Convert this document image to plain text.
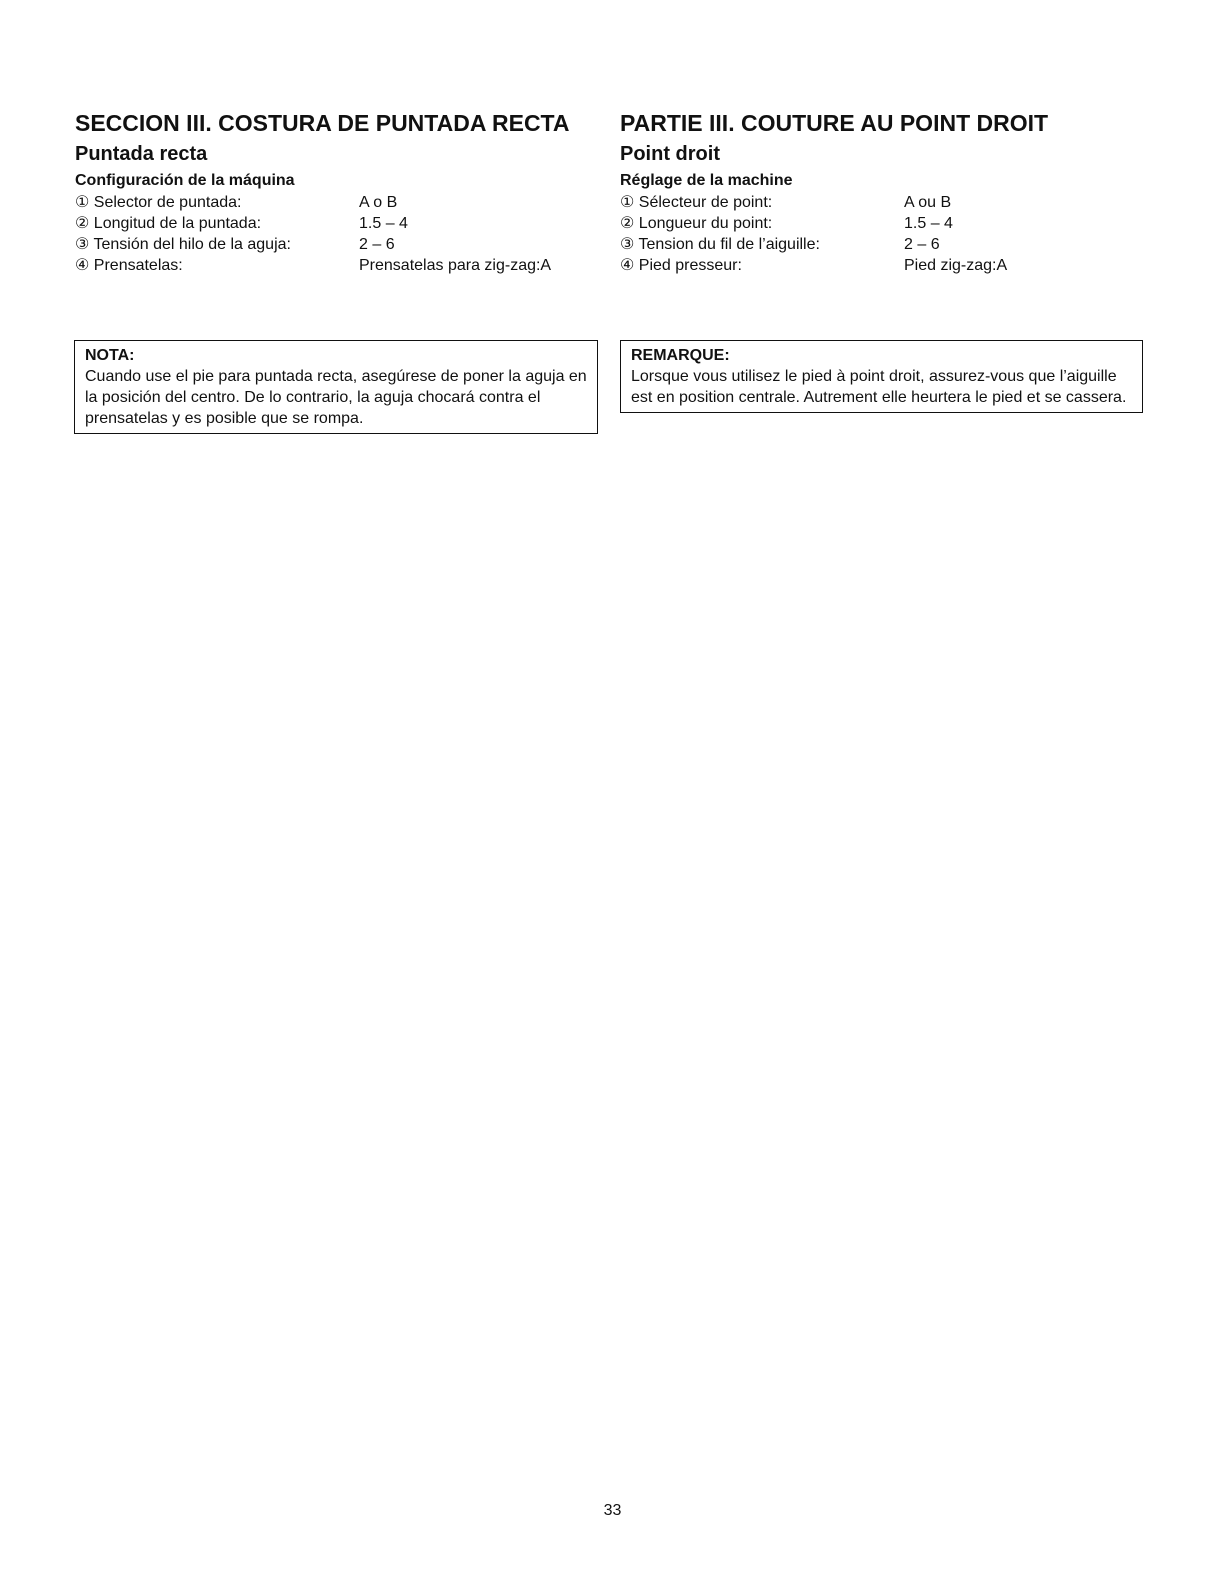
SECCION III. COSTURA DE PUNTADA RECTA
Puntada recta
Configuración de la máquina
① Selector de puntada:	A o B
② Longitud de la puntada:	1.5 – 4
③ Tensión del hilo de la aguja:	2 – 6
④ Prensatelas:	Prensatelas para zig-zag:A
PARTIE III. COUTURE AU POINT DROIT
Point droit
Réglage de la machine
① Sélecteur de point:	A ou B
② Longueur du point:	1.5 – 4
③ Tension du fil de l’aiguille:	2 – 6
④ Pied presseur:	Pied zig-zag:A
NOTA:
Cuando use el pie para puntada recta, asegúrese de poner la aguja en la posición del centro. De lo contrario, la aguja chocará contra el prensatelas y es posible que se rompa.
REMARQUE:
Lorsque vous utilisez le pied à point droit, assurez-vous que l’aiguille est en position centrale. Autrement elle heurtera le pied et se cassera.
33
